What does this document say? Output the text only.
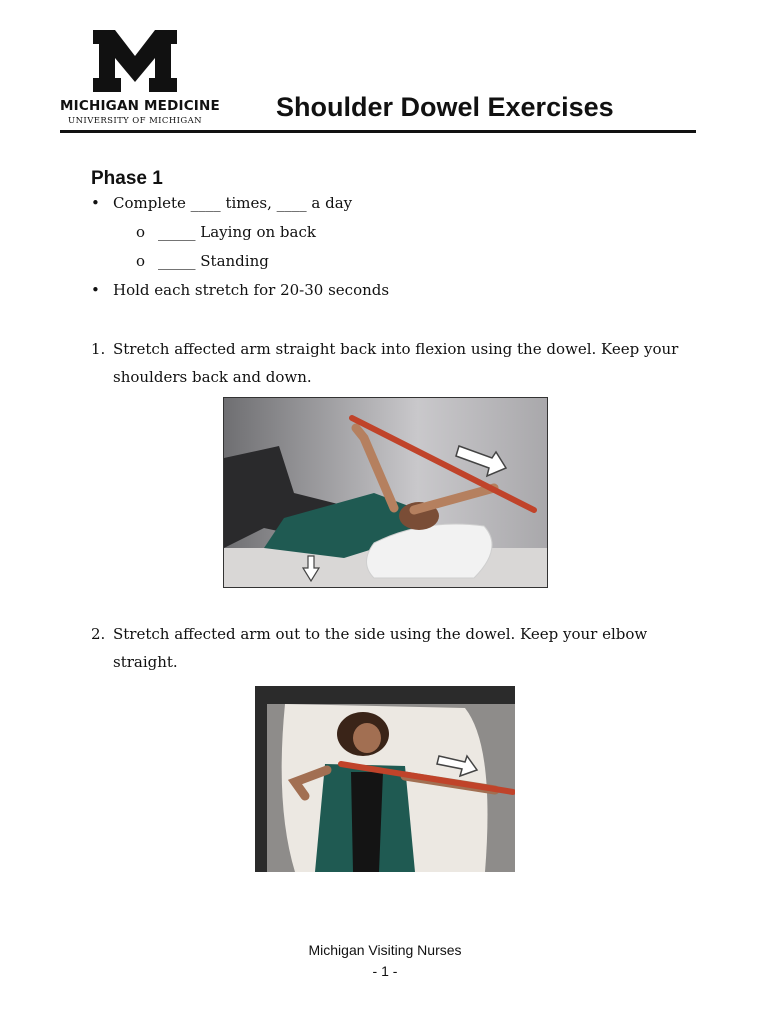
MICHIGAN MEDICINE
UNIVERSITY OF MICHIGAN	Shoulder Dowel Exercises
Phase 1
• Complete ____ times, ____ a day
o _____ Laying on back
o _____ Standing
• Hold each stretch for 20-30 seconds
1. Stretch affected arm straight back into flexion using the dowel. Keep your
shoulders back and down.
2. Stretch affected arm out to the side using the dowel. Keep your elbow
straight.
Michigan Visiting Nurses
- 1 -
